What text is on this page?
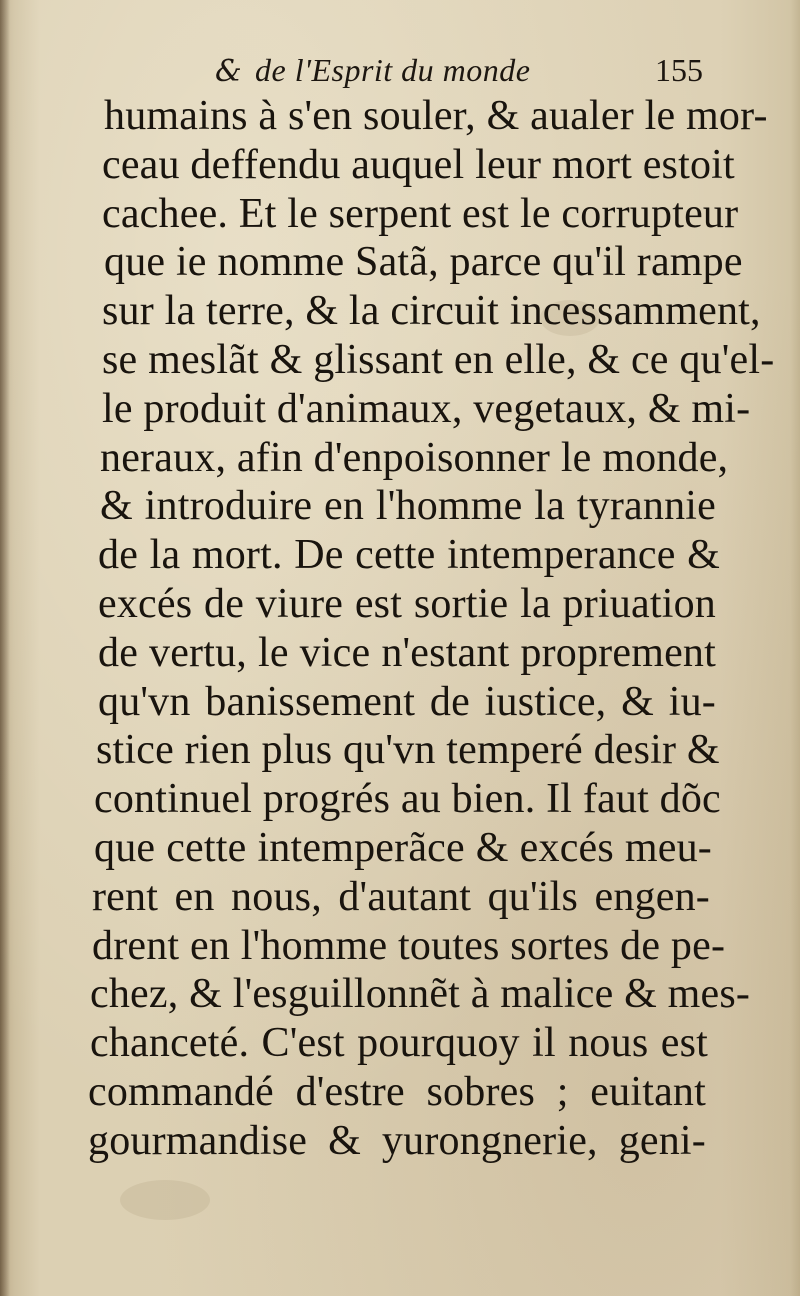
& de l'Esprit du monde	155
humains à s'en souler, & aualer le mor-
ceau deffendu auquel leur mort estoit
cachee. Et le serpent est le corrupteur
que ie nomme Satã, parce qu'il rampe
sur la terre, & la circuit incessamment,
se meslãt & glissant en elle, & ce qu'el-
le produit d'animaux, vegetaux, & mi-
neraux, afin d'enpoisonner le monde,
& introduire en l'homme la tyrannie
de la mort. De cette intemperance &
excés de viure est sortie la priuation
de vertu, le vice n'estant proprement
qu'vn banissement de iustice, & iu-
stice rien plus qu'vn temperé desir &
continuel progrés au bien. Il faut dõc
que cette intemperãce & excés meu-
rent en nous, d'autant qu'ils engen-
drent en l'homme toutes sortes de pe-
chez, & l'esguillonnẽt à malice & mes-
chanceté. C'est pourquoy il nous est
commandé d'estre sobres ; euitant
gourmandise & yurongnerie, geni-
